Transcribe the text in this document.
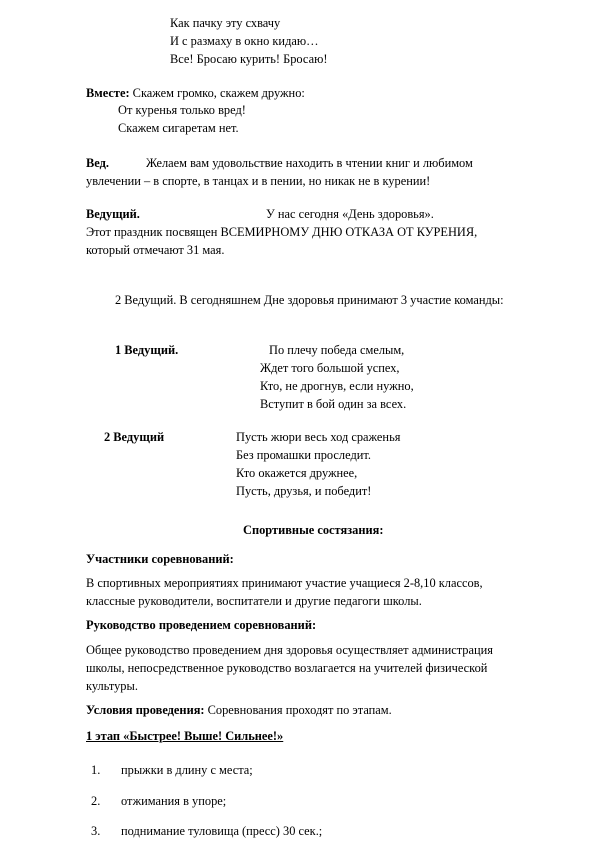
Как пачку эту схвачу
И с размаху в окно кидаю…
Все! Бросаю курить! Бросаю!
Вместе: Скажем громко, скажем дружно:
От куренья только вред!
Скажем сигаретам нет.
Вед.	Желаем вам удовольствие находить в чтении книг и любимом
увлечении – в спорте, в танцах и в пении, но никак не в курении!
Ведущий.	У нас сегодня «День здоровья».
Этот праздник посвящен ВСЕМИРНОМУ ДНЮ ОТКАЗА ОТ КУРЕНИЯ,
который отмечают 31 мая.
2 Ведущий. В сегодняшнем Дне здоровья принимают 3 участие команды:
1 Ведущий.	По плечу победа смелым,
Ждет того большой успех,
Кто, не дрогнув, если нужно,
Вступит в бой один за всех.
2 Ведущий	Пусть жюри весь ход сраженья
Без промашки проследит.
Кто окажется дружнее,
Пусть, друзья, и победит!
Спортивные состязания:
Участники соревнований:
В спортивных мероприятиях принимают участие учащиеся 2-8,10 классов,
классные руководители, воспитатели и другие педагоги школы.
Руководство проведением соревнований:
Общее руководство проведением дня здоровья осуществляет администрация
школы, непосредственное руководство возлагается на учителей физической
культуры.
Условия проведения: Соревнования проходят по этапам.
1 этап «Быстрее! Выше! Сильнее!»
1. прыжки в длину с места;
2. отжимания в упоре;
3. поднимание туловища (пресс) 30 сек.;
